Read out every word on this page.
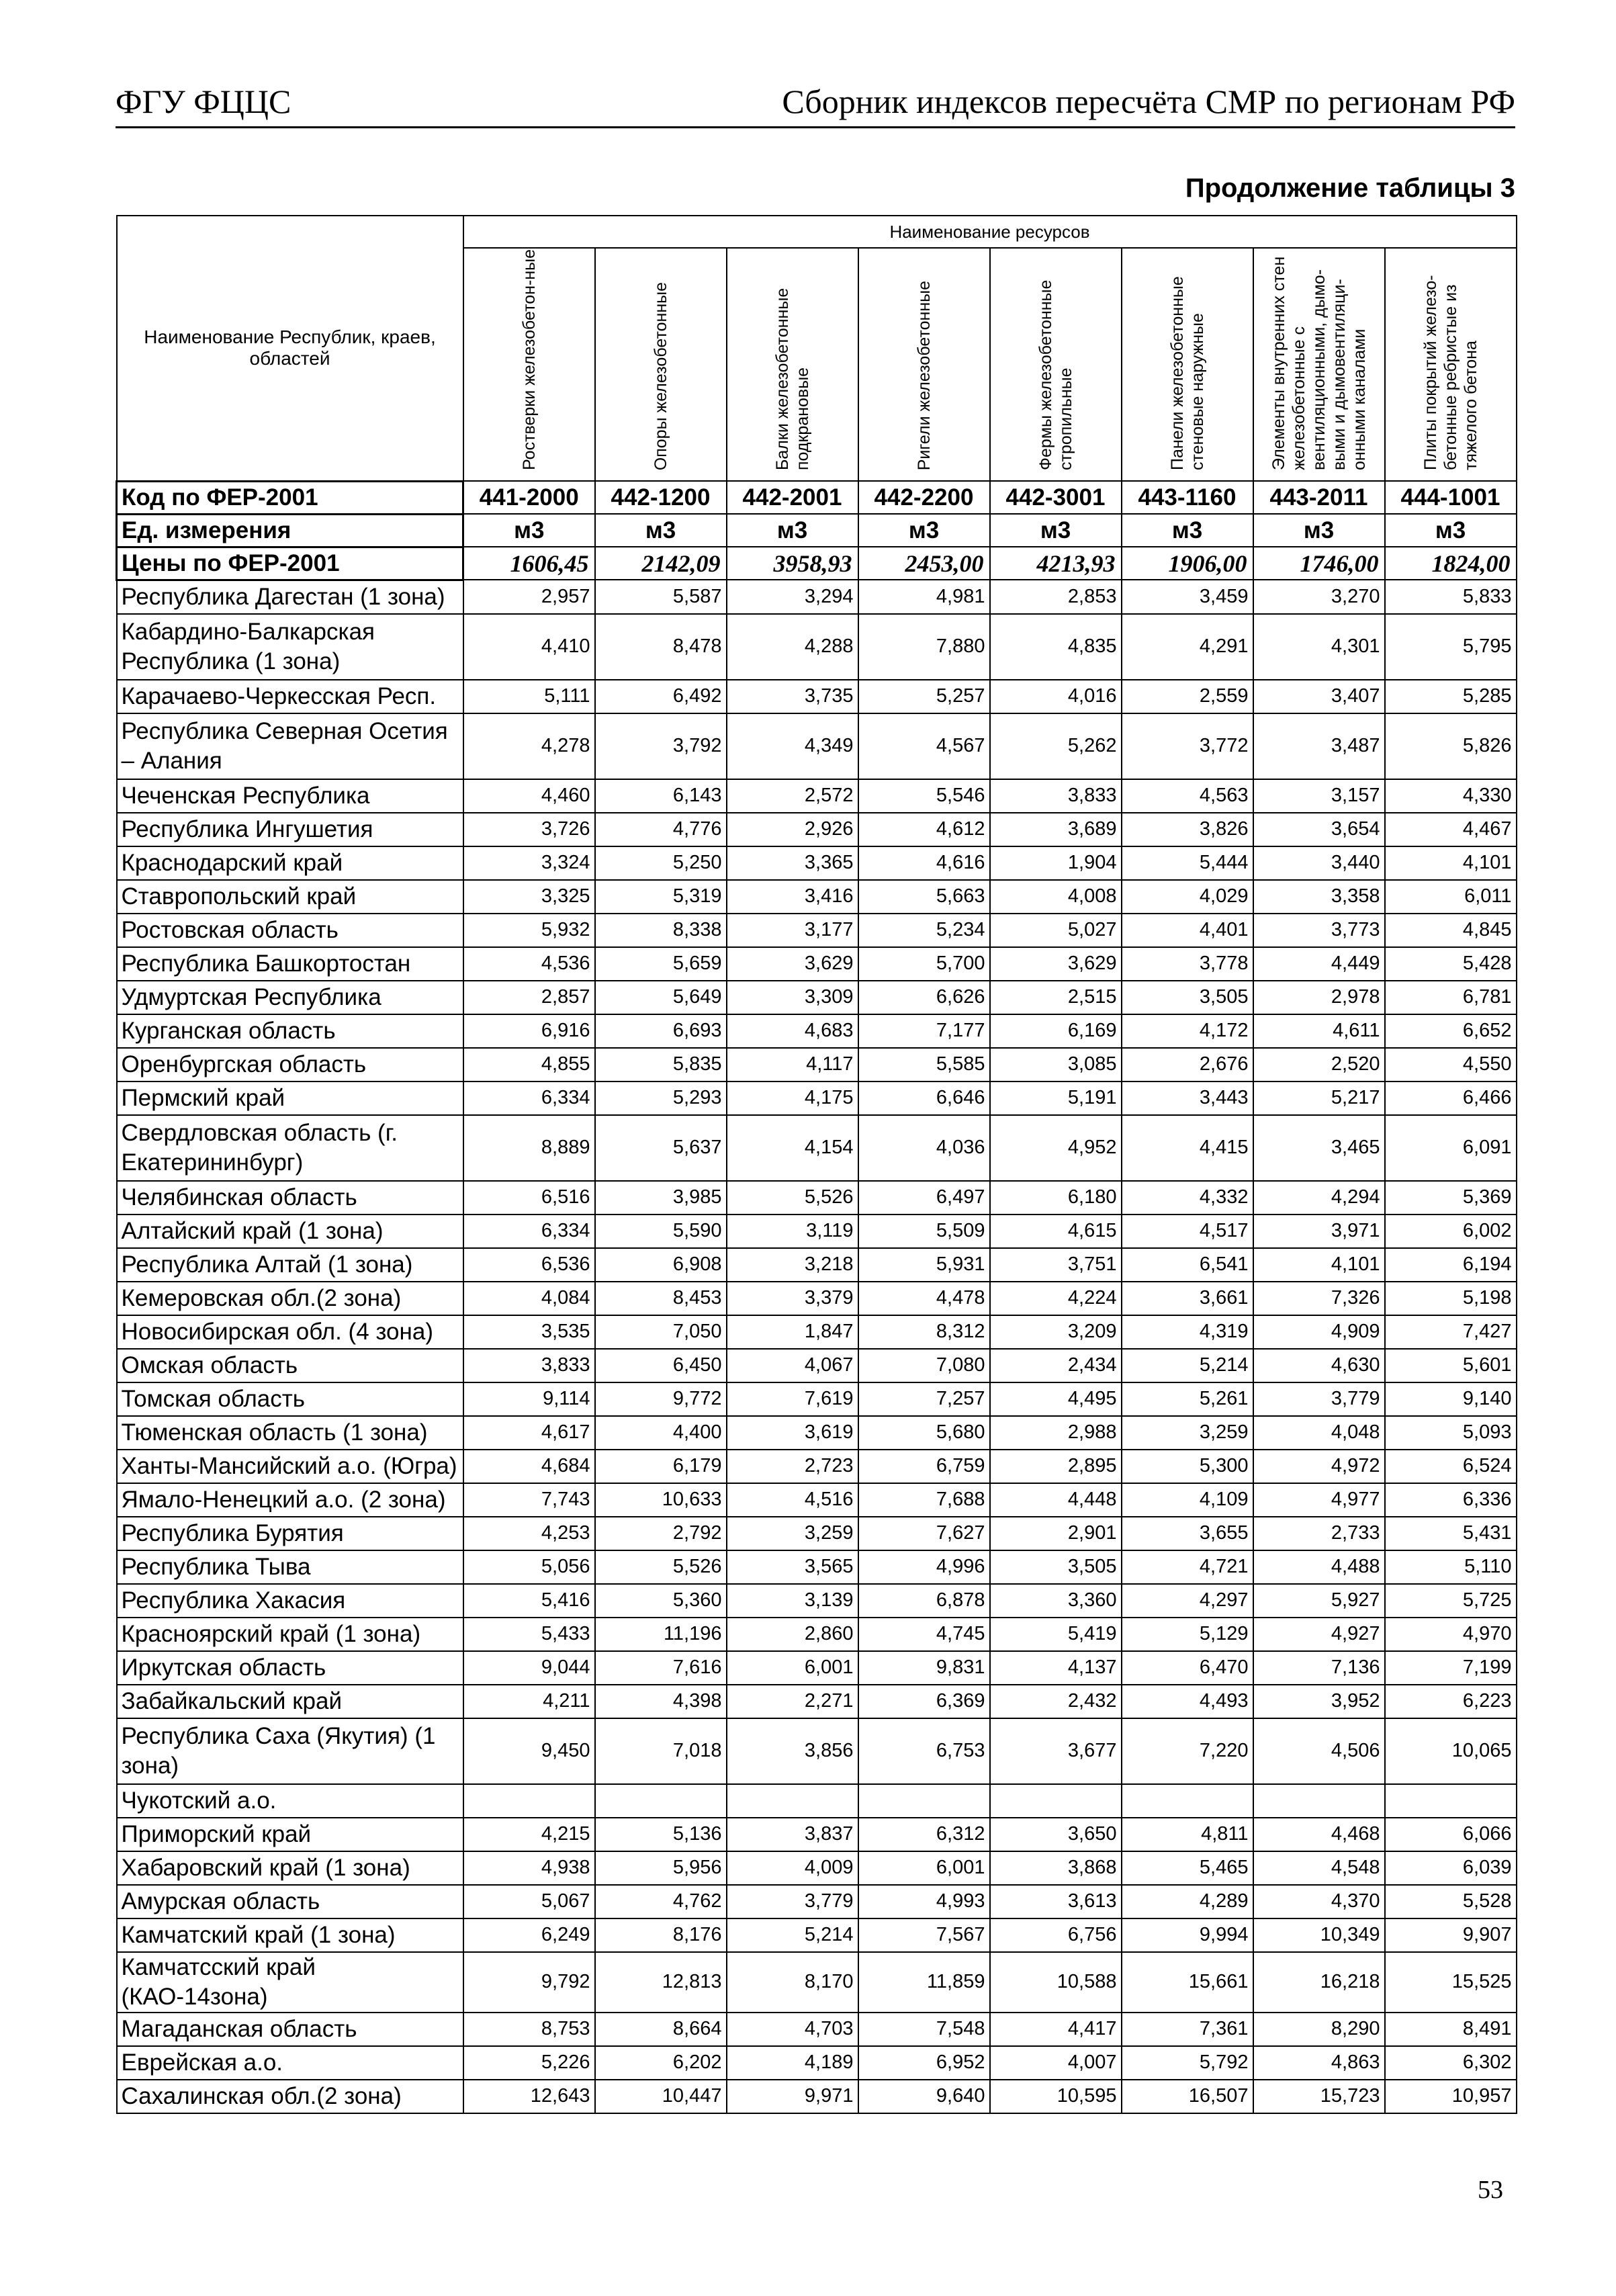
ФГУ ФЦЦС	Сборник индексов пересчёта СМР по регионам РФ
Продолжение таблицы 3
Наименование Республик, краев, областей	Наименование ресурсов							
	Ростверки железобетон-ные	Опоры железобетонные	Балки железобетонные подкрановые	Ригели железобетонные	Фермы железобетонные стропильные	Панели железобетонные стеновые наружные	Элементы внутренних стен железобетонные с вентиляционными, дымо-выми и дымовентиляци-онными каналами	Плиты покрытий железо-бетонные ребристые из тяжелого бетона
Код по ФЕР-2001	441-2000	442-1200	442-2001	442-2200	442-3001	443-1160	443-2011	444-1001
Ед. измерения	м3	м3	м3	м3	м3	м3	м3	м3
Цены по ФЕР-2001	1606,45	2142,09	3958,93	2453,00	4213,93	1906,00	1746,00	1824,00
Республика Дагестан (1 зона)	2,957	5,587	3,294	4,981	2,853	3,459	3,270	5,833
Кабардино-Балкарская Республика (1 зона)	4,410	8,478	4,288	7,880	4,835	4,291	4,301	5,795
Карачаево-Черкесская Респ.	5,111	6,492	3,735	5,257	4,016	2,559	3,407	5,285
Республика Северная Осетия – Алания	4,278	3,792	4,349	4,567	5,262	3,772	3,487	5,826
Чеченская Республика	4,460	6,143	2,572	5,546	3,833	4,563	3,157	4,330
Республика Ингушетия	3,726	4,776	2,926	4,612	3,689	3,826	3,654	4,467
Краснодарский край	3,324	5,250	3,365	4,616	1,904	5,444	3,440	4,101
Ставропольский край	3,325	5,319	3,416	5,663	4,008	4,029	3,358	6,011
Ростовская область	5,932	8,338	3,177	5,234	5,027	4,401	3,773	4,845
Республика Башкортостан	4,536	5,659	3,629	5,700	3,629	3,778	4,449	5,428
Удмуртская Республика	2,857	5,649	3,309	6,626	2,515	3,505	2,978	6,781
Курганская область	6,916	6,693	4,683	7,177	6,169	4,172	4,611	6,652
Оренбургская область	4,855	5,835	4,117	5,585	3,085	2,676	2,520	4,550
Пермский край	6,334	5,293	4,175	6,646	5,191	3,443	5,217	6,466
Свердловская область (г. Екатерининбург)	8,889	5,637	4,154	4,036	4,952	4,415	3,465	6,091
Челябинская область	6,516	3,985	5,526	6,497	6,180	4,332	4,294	5,369
Алтайский край (1 зона)	6,334	5,590	3,119	5,509	4,615	4,517	3,971	6,002
Республика Алтай (1 зона)	6,536	6,908	3,218	5,931	3,751	6,541	4,101	6,194
Кемеровская обл.(2 зона)	4,084	8,453	3,379	4,478	4,224	3,661	7,326	5,198
Новосибирская обл. (4 зона)	3,535	7,050	1,847	8,312	3,209	4,319	4,909	7,427
Омская область	3,833	6,450	4,067	7,080	2,434	5,214	4,630	5,601
Томская область	9,114	9,772	7,619	7,257	4,495	5,261	3,779	9,140
Тюменская область (1 зона)	4,617	4,400	3,619	5,680	2,988	3,259	4,048	5,093
Ханты-Мансийский а.о. (Югра)	4,684	6,179	2,723	6,759	2,895	5,300	4,972	6,524
Ямало-Ненецкий а.о. (2 зона)	7,743	10,633	4,516	7,688	4,448	4,109	4,977	6,336
Республика Бурятия	4,253	2,792	3,259	7,627	2,901	3,655	2,733	5,431
Республика Тыва	5,056	5,526	3,565	4,996	3,505	4,721	4,488	5,110
Республика Хакасия	5,416	5,360	3,139	6,878	3,360	4,297	5,927	5,725
Красноярский край (1 зона)	5,433	11,196	2,860	4,745	5,419	5,129	4,927	4,970
Иркутская область	9,044	7,616	6,001	9,831	4,137	6,470	7,136	7,199
Забайкальский край	4,211	4,398	2,271	6,369	2,432	4,493	3,952	6,223
Республика Саха (Якутия) (1 зона)	9,450	7,018	3,856	6,753	3,677	7,220	4,506	10,065
Чукотский а.о.								
Приморский край	4,215	5,136	3,837	6,312	3,650	4,811	4,468	6,066
Хабаровский край (1 зона)	4,938	5,956	4,009	6,001	3,868	5,465	4,548	6,039
Амурская область	5,067	4,762	3,779	4,993	3,613	4,289	4,370	5,528
Камчатский край (1 зона)	6,249	8,176	5,214	7,567	6,756	9,994	10,349	9,907
Камчатсский край (КАО-14зона)	9,792	12,813	8,170	11,859	10,588	15,661	16,218	15,525
Магаданская область	8,753	8,664	4,703	7,548	4,417	7,361	8,290	8,491
Еврейская а.о.	5,226	6,202	4,189	6,952	4,007	5,792	4,863	6,302
Сахалинская обл.(2 зона)	12,643	10,447	9,971	9,640	10,595	16,507	15,723	10,957
53
